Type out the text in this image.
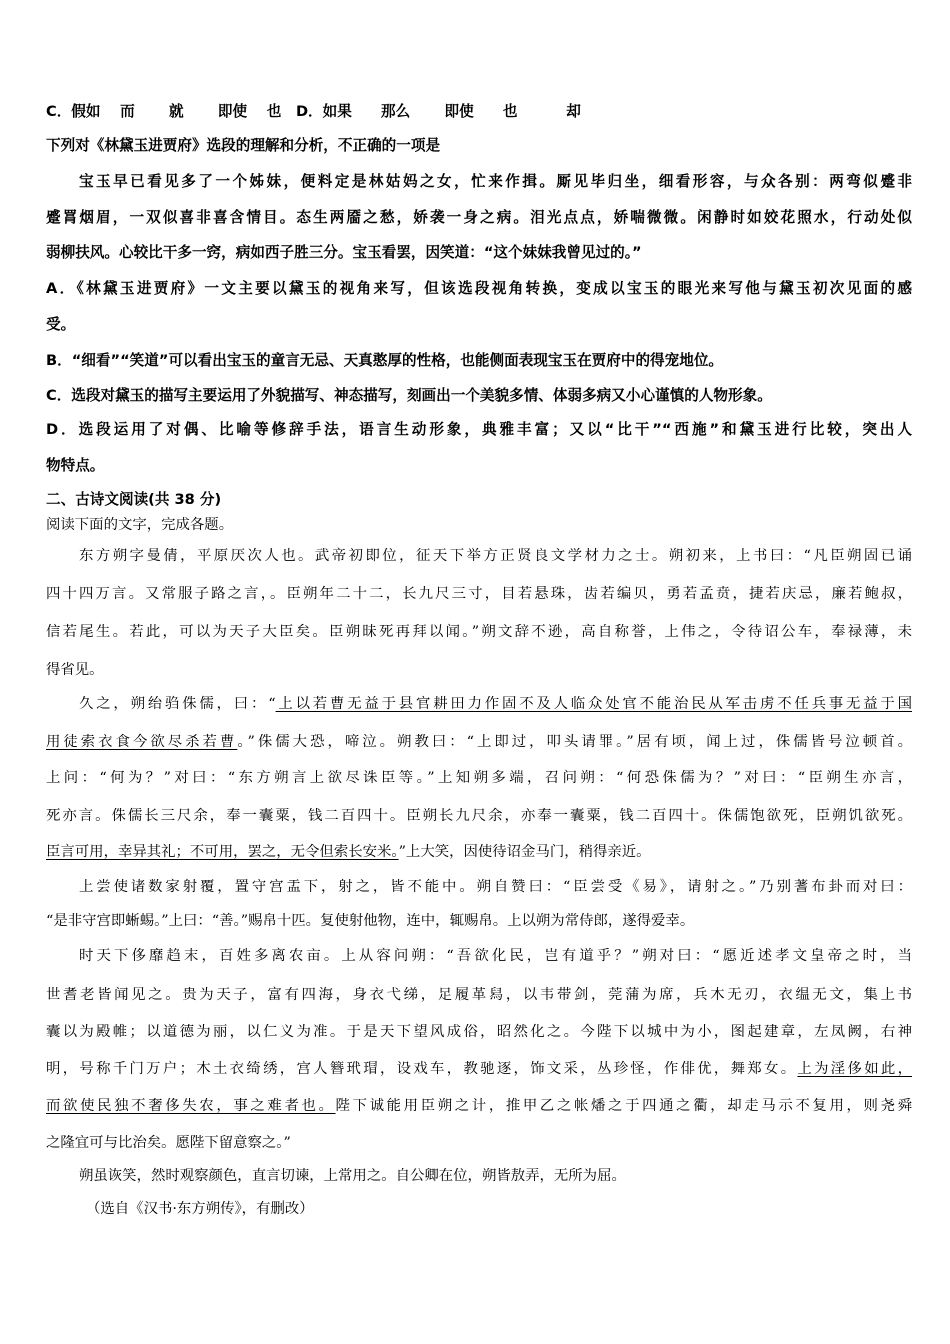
C．假如　 而 　　就 　　即使　 也　D．如果　　那么 　　即使　　也 　　　却
下列对《林黛玉进贾府》选段的理解和分析，不正确的一项是
宝玉早已看见多了一个姊妹，便料定是林姑妈之女，忙来作揖。厮见毕归坐，细看形容，与众各别：两弯似蹙非
蹙罥烟眉，一双似喜非喜含情目。态生两靥之愁，娇袭一身之病。泪光点点，娇喘微微。闲静时如姣花照水，行动处似
弱柳扶风。心较比干多一窍，病如西子胜三分。宝玉看罢，因笑道：“这个妹妹我曾见过的。”
A．《林黛玉进贾府》一文主要以黛玉的视角来写，但该选段视角转换，变成以宝玉的眼光来写他与黛玉初次见面的感
受。
B．“细看”“笑道”可以看出宝玉的童言无忌、天真憨厚的性格，也能侧面表现宝玉在贾府中的得宠地位。
C．选段对黛玉的描写主要运用了外貌描写、神态描写，刻画出一个美貌多情、体弱多病又小心谨慎的人物形象。
D．选段运用了对偶、比喻等修辞手法，语言生动形象，典雅丰富；又以“比干”“西施”和黛玉进行比较，突出人
物特点。
二、古诗文阅读(共 38 分)
阅读下面的文字，完成各题。
东方朔字曼倩，平原厌次人也。武帝初即位，征天下举方正贤良文学材力之士。朔初来，上书曰：“凡臣朔固已诵
四十四万言。又常服子路之言，。臣朔年二十二，长九尺三寸，目若悬珠，齿若编贝，勇若孟贲，捷若庆忌，廉若鲍叔，
信若尾生。若此，可以为天子大臣矣。臣朔昧死再拜以闻。”朔文辞不逊，高自称誉，上伟之，令待诏公车，奉禄薄，未
得省见。
久之，朔绐驺侏儒，曰：“上以若曹无益于县官耕田力作固不及人临众处官不能治民从军击虏不任兵事无益于国
用徒索衣食今欲尽杀若曹。”侏儒大恐，啼泣。朔教曰：“上即过，叩头请罪。”居有顷，闻上过，侏儒皆号泣顿首。
上问：“何为？”对曰：“东方朔言上欲尽诛臣等。”上知朔多端，召问朔：“何恐侏儒为？”对曰：“臣朔生亦言，
死亦言。侏儒长三尺余，奉一囊粟，钱二百四十。臣朔长九尺余，亦奉一囊粟，钱二百四十。侏儒饱欲死，臣朔饥欲死。
臣言可用，幸异其礼；不可用，罢之，无令但索长安米。”上大笑，因使待诏金马门，稍得亲近。
上尝使诸数家射覆，置守宫盂下，射之，皆不能中。朔自赞曰：“臣尝受《易》，请射之。”乃别蓍布卦而对曰：
“是非守宫即蜥蜴。”上曰：“善。”赐帛十匹。复使射他物，连中，辄赐帛。上以朔为常侍郎，遂得爱幸。
时天下侈靡趋末，百姓多离农亩。上从容问朔：“吾欲化民，岂有道乎？”朔对曰：“愿近述孝文皇帝之时，当
世耆老皆闻见之。贵为天子，富有四海，身衣弋绨，足履革舄，以韦带剑，莞蒲为席，兵木无刃，衣缊无文，集上书
囊以为殿帷；以道德为丽，以仁义为准。于是天下望风成俗，昭然化之。今陛下以城中为小，图起建章，左凤阙，右神
明，号称千门万户；木土衣绮绣，宫人簪玳瑁，设戏车，教驰逐，饰文采，丛珍怪，作俳优，舞郑女。上为淫侈如此，
而欲使民独不奢侈失农，事之难者也。陛下诚能用臣朔之计，推甲乙之帐燔之于四通之衢，却走马示不复用，则尧舜
之隆宜可与比治矣。愿陛下留意察之。”
朔虽诙笑，然时观察颜色，直言切谏，上常用之。自公卿在位，朔皆敖弄，无所为屈。
（选自《汉书·东方朔传》，有删改）
